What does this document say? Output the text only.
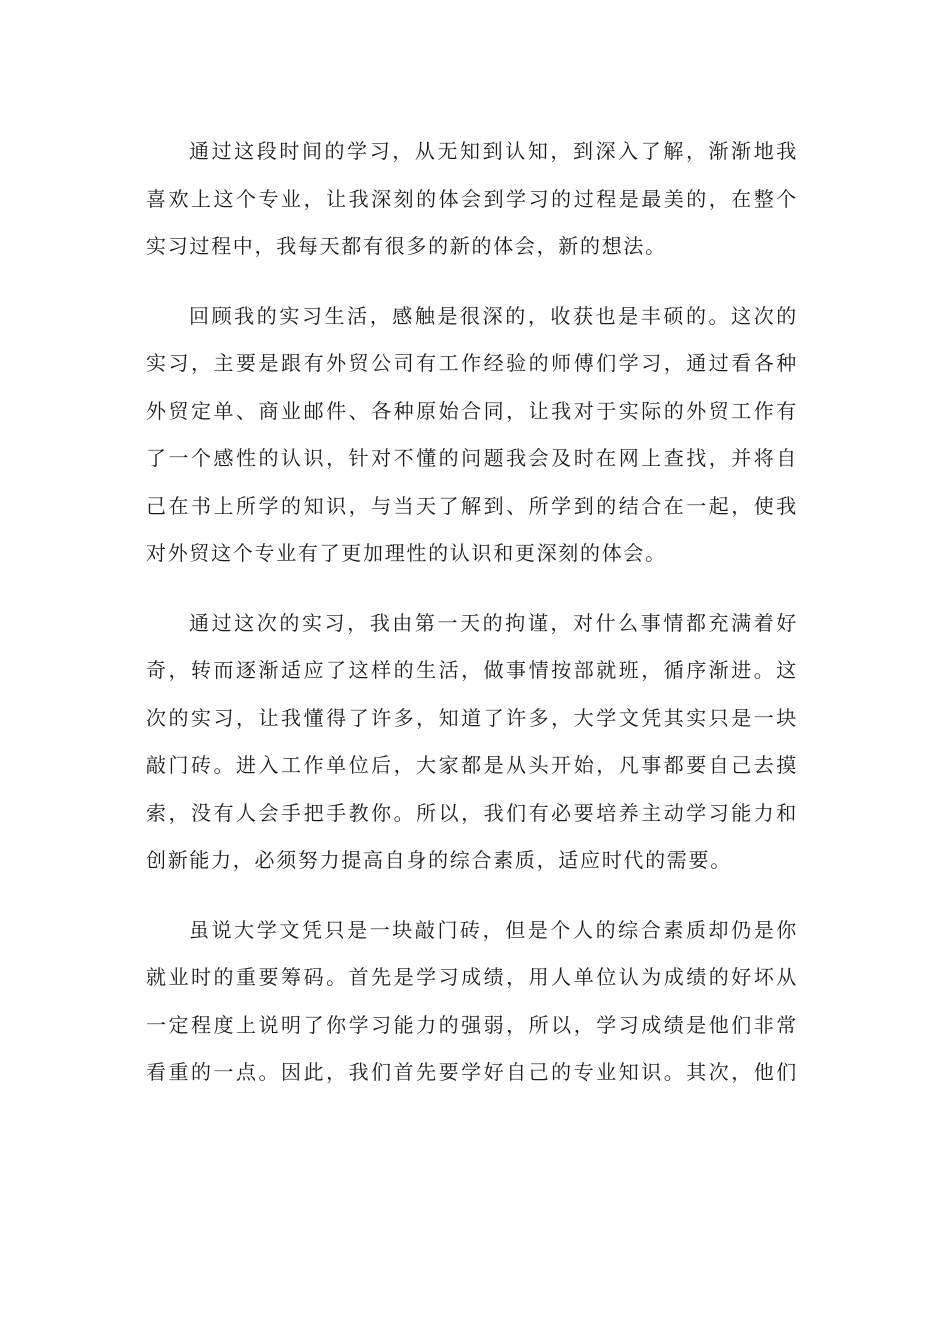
通过这段时间的学习，从无知到认知，到深入了解，渐渐地我
喜欢上这个专业，让我深刻的体会到学习的过程是最美的，在整个
实习过程中，我每天都有很多的新的体会，新的想法。

回顾我的实习生活，感触是很深的，收获也是丰硕的。这次的
实习，主要是跟有外贸公司有工作经验的师傅们学习，通过看各种
外贸定单、商业邮件、各种原始合同，让我对于实际的外贸工作有
了一个感性的认识，针对不懂的问题我会及时在网上查找，并将自
己在书上所学的知识，与当天了解到、所学到的结合在一起，使我
对外贸这个专业有了更加理性的认识和更深刻的体会。

通过这次的实习，我由第一天的拘谨，对什么事情都充满着好
奇，转而逐渐适应了这样的生活，做事情按部就班，循序渐进。这
次的实习，让我懂得了许多，知道了许多，大学文凭其实只是一块
敲门砖。进入工作单位后，大家都是从头开始，凡事都要自己去摸
索，没有人会手把手教你。所以，我们有必要培养主动学习能力和
创新能力，必须努力提高自身的综合素质，适应时代的需要。

虽说大学文凭只是一块敲门砖，但是个人的综合素质却仍是你
就业时的重要筹码。首先是学习成绩，用人单位认为成绩的好坏从
一定程度上说明了你学习能力的强弱，所以，学习成绩是他们非常
看重的一点。因此，我们首先要学好自己的专业知识。其次，他们
